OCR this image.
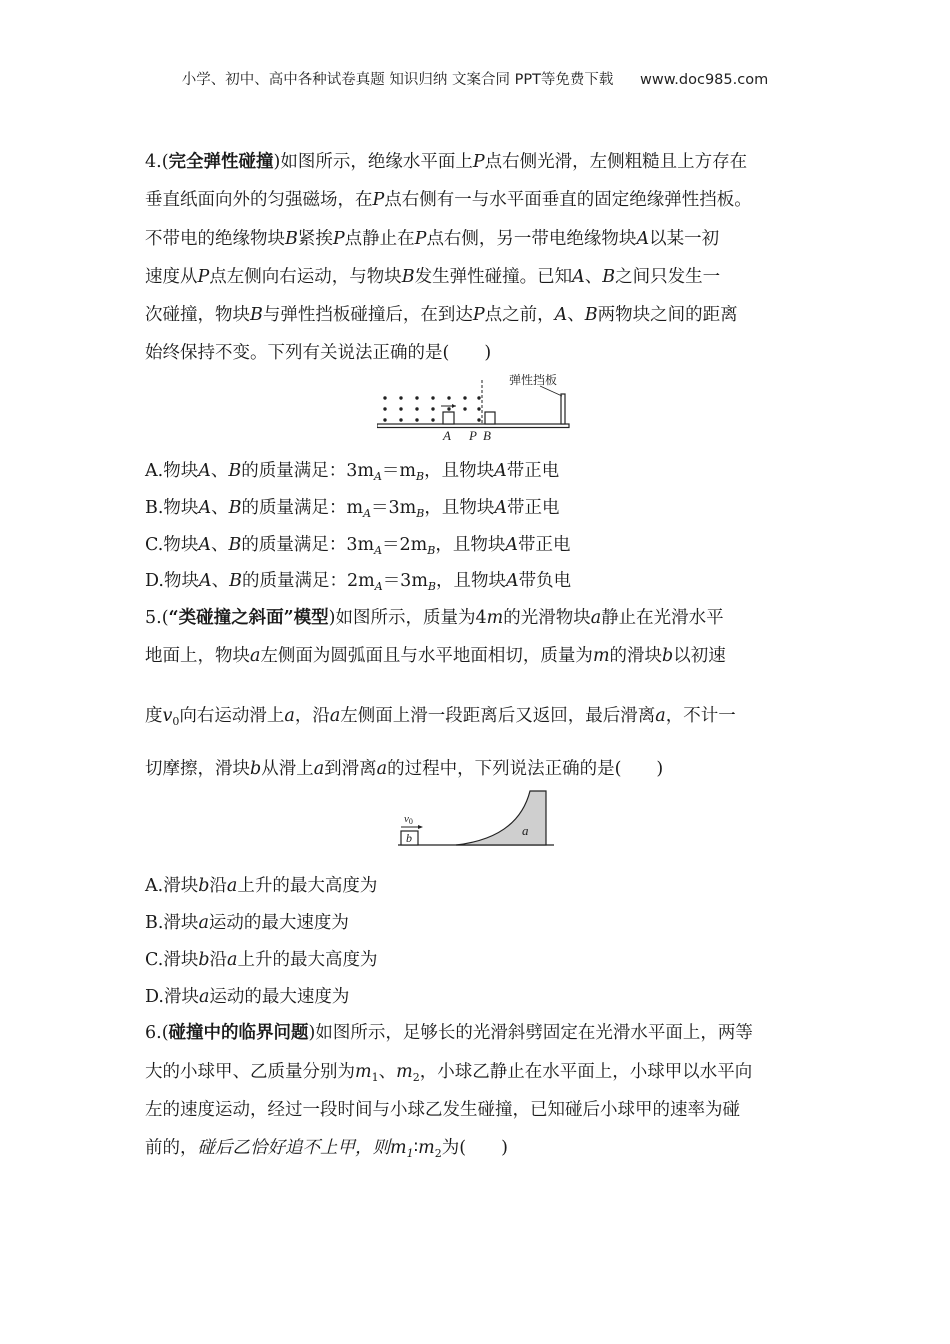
小学、初中、高中各种试卷真题 知识归纳 文案合同 PPT等免费下载 www.doc985.com
4.(完全弹性碰撞)如图所示，绝缘水平面上P点右侧光滑，左侧粗糙且上方存在
垂直纸面向外的匀强磁场，在P点右侧有一与水平面垂直的固定绝缘弹性挡板。
不带电的绝缘物块B紧挨P点静止在P点右侧，另一带电绝缘物块A以某一初
速度从P点左侧向右运动，与物块B发生弹性碰撞。已知A、B之间只发生一
次碰撞，物块B与弹性挡板碰撞后，在到达P点之前，A、B两物块之间的距离
始终保持不变。下列有关说法正确的是(　　)
弹性挡板
A P B
A.物块A、B的质量满足：$3m_A=m_B$，且物块A带正电
B.物块A、B的质量满足：$m_A=3m_B$，且物块A带正电
C.物块A、B的质量满足：$3m_A=2m_B$，且物块A带正电
D.物块A、B的质量满足：$2m_A=3m_B$，且物块A带负电
5.(“类碰撞之斜面”模型)如图所示，质量为4m的光滑物块a静止在光滑水平
地面上，物块a左侧面为圆弧面且与水平地面相切，质量为m的滑块b以初速
度$v_0$向右运动滑上a，沿a左侧面上滑一段距离后又返回，最后滑离a，不计一
切摩擦，滑块b从滑上a到滑离a的过程中，下列说法正确的是(　　)
a
b
v0
A.滑块b沿a上升的最大高度为
B.滑块a运动的最大速度为
C.滑块b沿a上升的最大高度为
D.滑块a运动的最大速度为
6.(碰撞中的临界问题)如图所示，足够长的光滑斜劈固定在光滑水平面上，两等
大的小球甲、乙质量分别为$m_1$、$m_2$，小球乙静止在水平面上，小球甲以水平向
左的速度运动，经过一段时间与小球乙发生碰撞，已知碰后小球甲的速率为碰
前的，碰后乙恰好追不上甲，则$m_1∶m_2$为(　　)
